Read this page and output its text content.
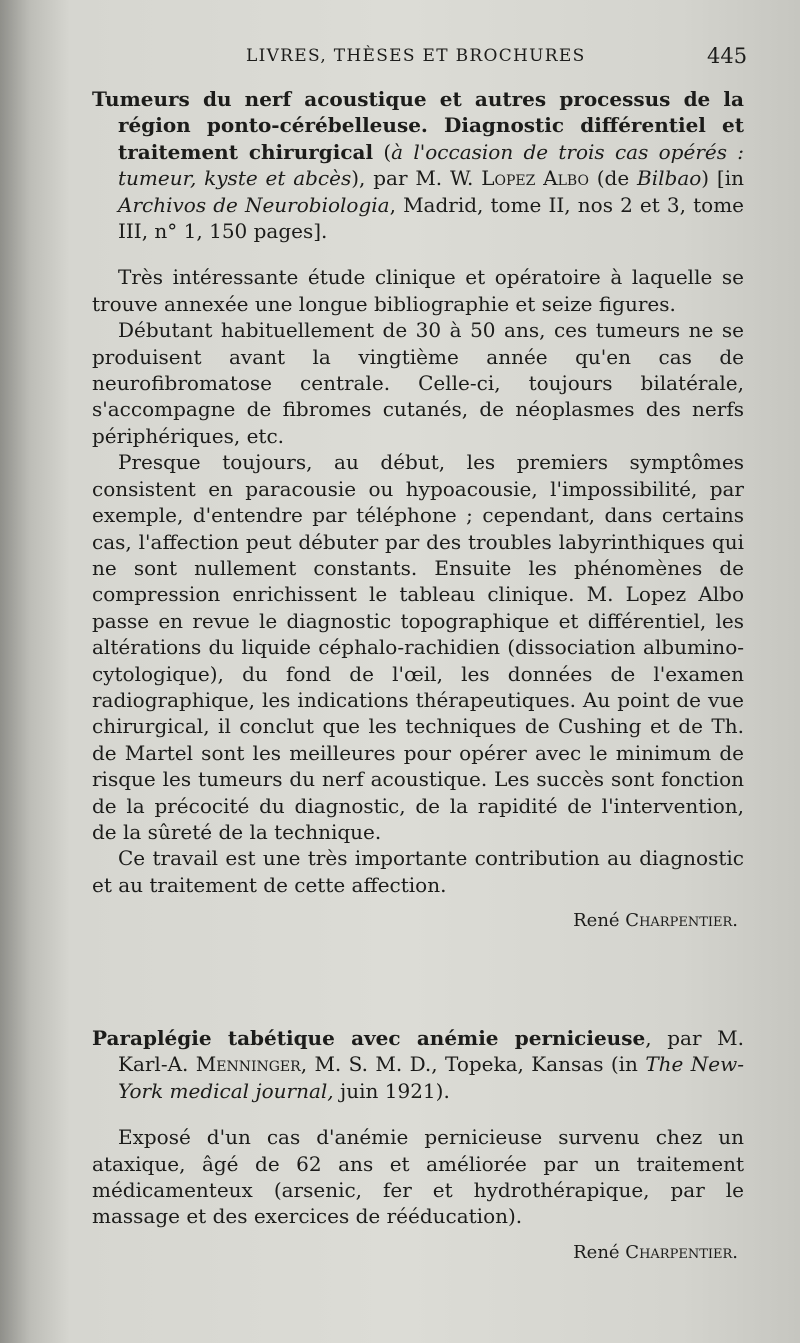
LIVRES, THÈSES ET BROCHURES	445

Tumeurs du nerf acoustique et autres processus de la région ponto-cérébelleuse. Diagnostic différentiel et traitement chirurgical (à l'occasion de trois cas opérés : tumeur, kyste et abcès), par M. W. Lopez Albo (de Bilbao) [in Archivos de Neurobiologia, Madrid, tome II, nos 2 et 3, tome III, n° 1, 150 pages].

Très intéressante étude clinique et opératoire à laquelle se trouve annexée une longue bibliographie et seize figures.

Débutant habituellement de 30 à 50 ans, ces tumeurs ne se produisent avant la vingtième année qu'en cas de neurofibromatose centrale. Celle-ci, toujours bilatérale, s'accompagne de fibromes cutanés, de néoplasmes des nerfs périphériques, etc.

Presque toujours, au début, les premiers symptômes consistent en paracousie ou hypoacousie, l'impossibilité, par exemple, d'entendre par téléphone ; cependant, dans certains cas, l'affection peut débuter par des troubles labyrinthiques qui ne sont nullement constants. Ensuite les phénomènes de compression enrichissent le tableau clinique. M. Lopez Albo passe en revue le diagnostic topographique et différentiel, les altérations du liquide céphalo-rachidien (dissociation albumino-cytologique), du fond de l'œil, les données de l'examen radiographique, les indications thérapeutiques. Au point de vue chirurgical, il conclut que les techniques de Cushing et de Th. de Martel sont les meilleures pour opérer avec le minimum de risque les tumeurs du nerf acoustique. Les succès sont fonction de la précocité du diagnostic, de la rapidité de l'intervention, de la sûreté de la technique.

Ce travail est une très importante contribution au diagnostic et au traitement de cette affection.

René Charpentier.

Paraplégie tabétique avec anémie pernicieuse, par M. Karl-A. Menninger, M. S. M. D., Topeka, Kansas (in The New-York medical journal, juin 1921).

Exposé d'un cas d'anémie pernicieuse survenu chez un ataxique, âgé de 62 ans et améliorée par un traitement médicamenteux (arsenic, fer et hydrothérapique, par le massage et des exercices de rééducation).

René Charpentier.
